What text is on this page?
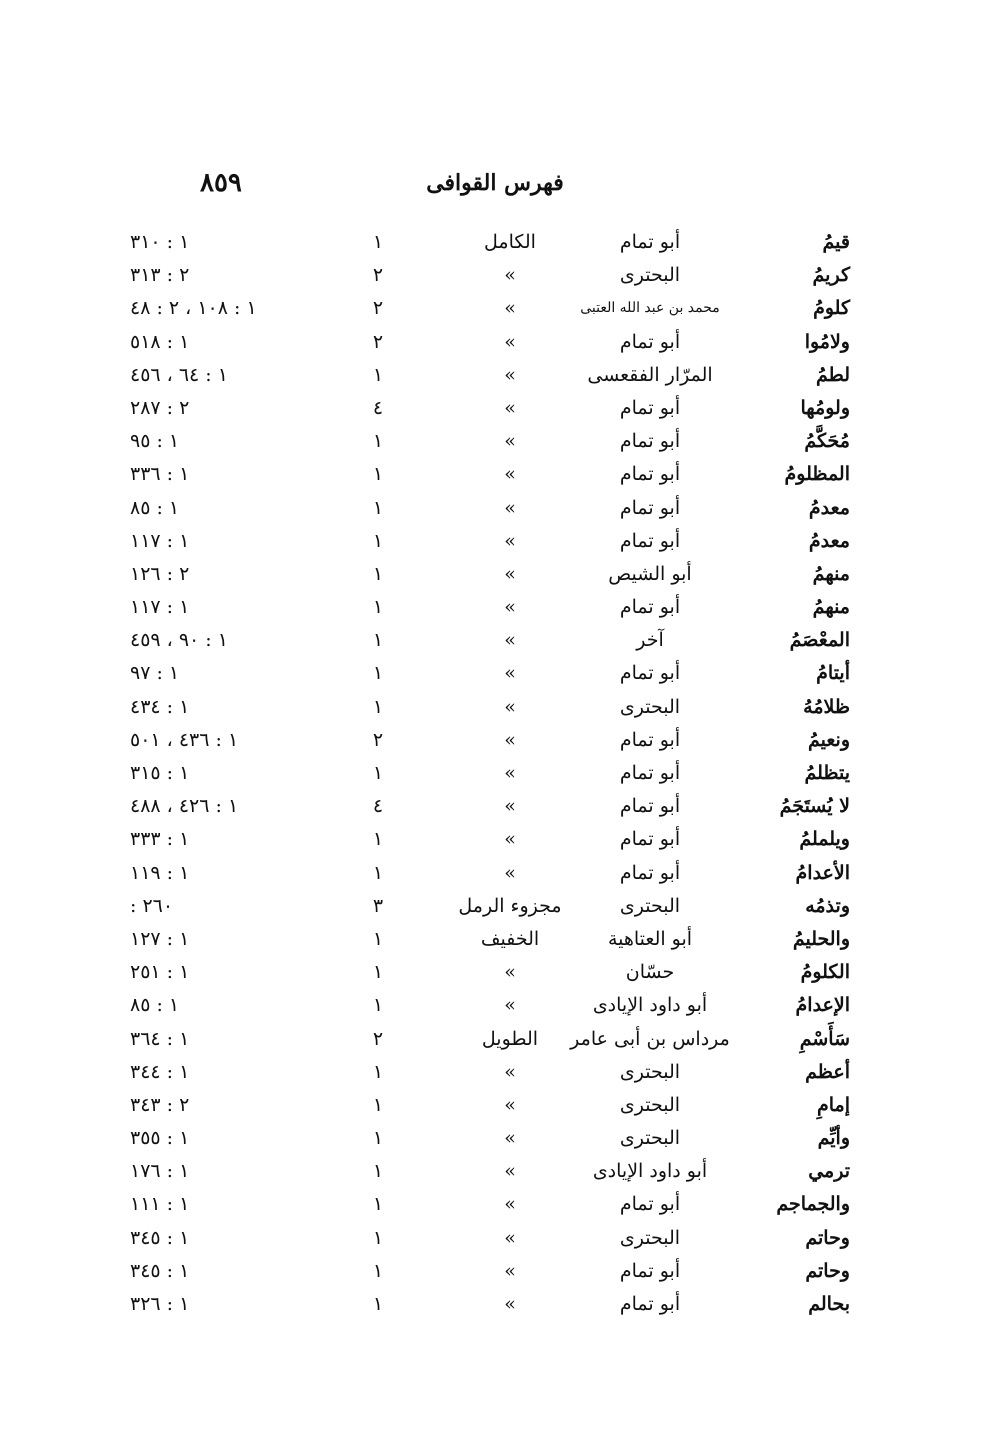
٨٥٩	فهرس القوافى
قيمُ
أبو تمام
الكامل
١
١ : ٣١٠
كريمُ
البحترى
»
٢
٢ : ٣١٣
كلومُ
محمد بن عبد الله العتبى
»
٢
١ : ١٠٨ ، ٢ : ٤٨
ولامُوا
أبو تمام
»
٢
١ : ٥١٨
لطمُ
المرّار الفقعسى
»
١
١ : ٦٤ ، ٤٥٦
ولومُها
أبو تمام
»
٤
٢ : ٢٨٧
مُحَكَّمُ
أبو تمام
»
١
١ : ٩٥
المظلومُ
أبو تمام
»
١
١ : ٣٣٦
معدمُ
أبو تمام
»
١
١ : ٨٥
معدمُ
أبو تمام
»
١
١ : ١١٧
منهمُ
أبو الشيص
»
١
٢ : ١٢٦
منهمُ
أبو تمام
»
١
١ : ١١٧
المعْصَمُ
آخر
»
١
١ : ٩٠ ، ٤٥٩
أيتامُ
أبو تمام
»
١
١ : ٩٧
ظلامُهُ
البحترى
»
١
١ : ٤٣٤
ونعيمُ
أبو تمام
»
٢
١ : ٤٣٦ ، ٥٠١
يتظلمُ
أبو تمام
»
١
١ : ٣١٥
لا يُستَجَمُ
أبو تمام
»
٤
١ : ٤٢٦ ، ٤٨٨
ويلملمُ
أبو تمام
»
١
١ : ٣٣٣
الأعدامُ
أبو تمام
»
١
١ : ١١٩
وتذمُه
البحترى
مجزوء الرمل
٣
: ٢٦٠
والحليمُ
أبو العتاهية
الخفيف
١
١ : ١٢٧
الكلومُ
حسّان
»
١
١ : ٢٥١
الإعدامُ
أبو داود الإيادى
»
١
١ : ٨٥
سَأَسْمِ
مرداس بن أبى عامر
الطويل
٢
١ : ٣٦٤
أعظم
البحترى
»
١
١ : ٣٤٤
إمامِ
البحترى
»
١
٢ : ٣٤٣
وأيِّم
البحترى
»
١
١ : ٣٥٥
ترمي
أبو داود الإيادى
»
١
١ : ١٧٦
والجماجم
أبو تمام
»
١
١ : ١١١
وحاتم
البحترى
»
١
١ : ٣٤٥
وحاتم
أبو تمام
»
١
١ : ٣٤٥
بحالم
أبو تمام
»
١
١ : ٣٢٦
